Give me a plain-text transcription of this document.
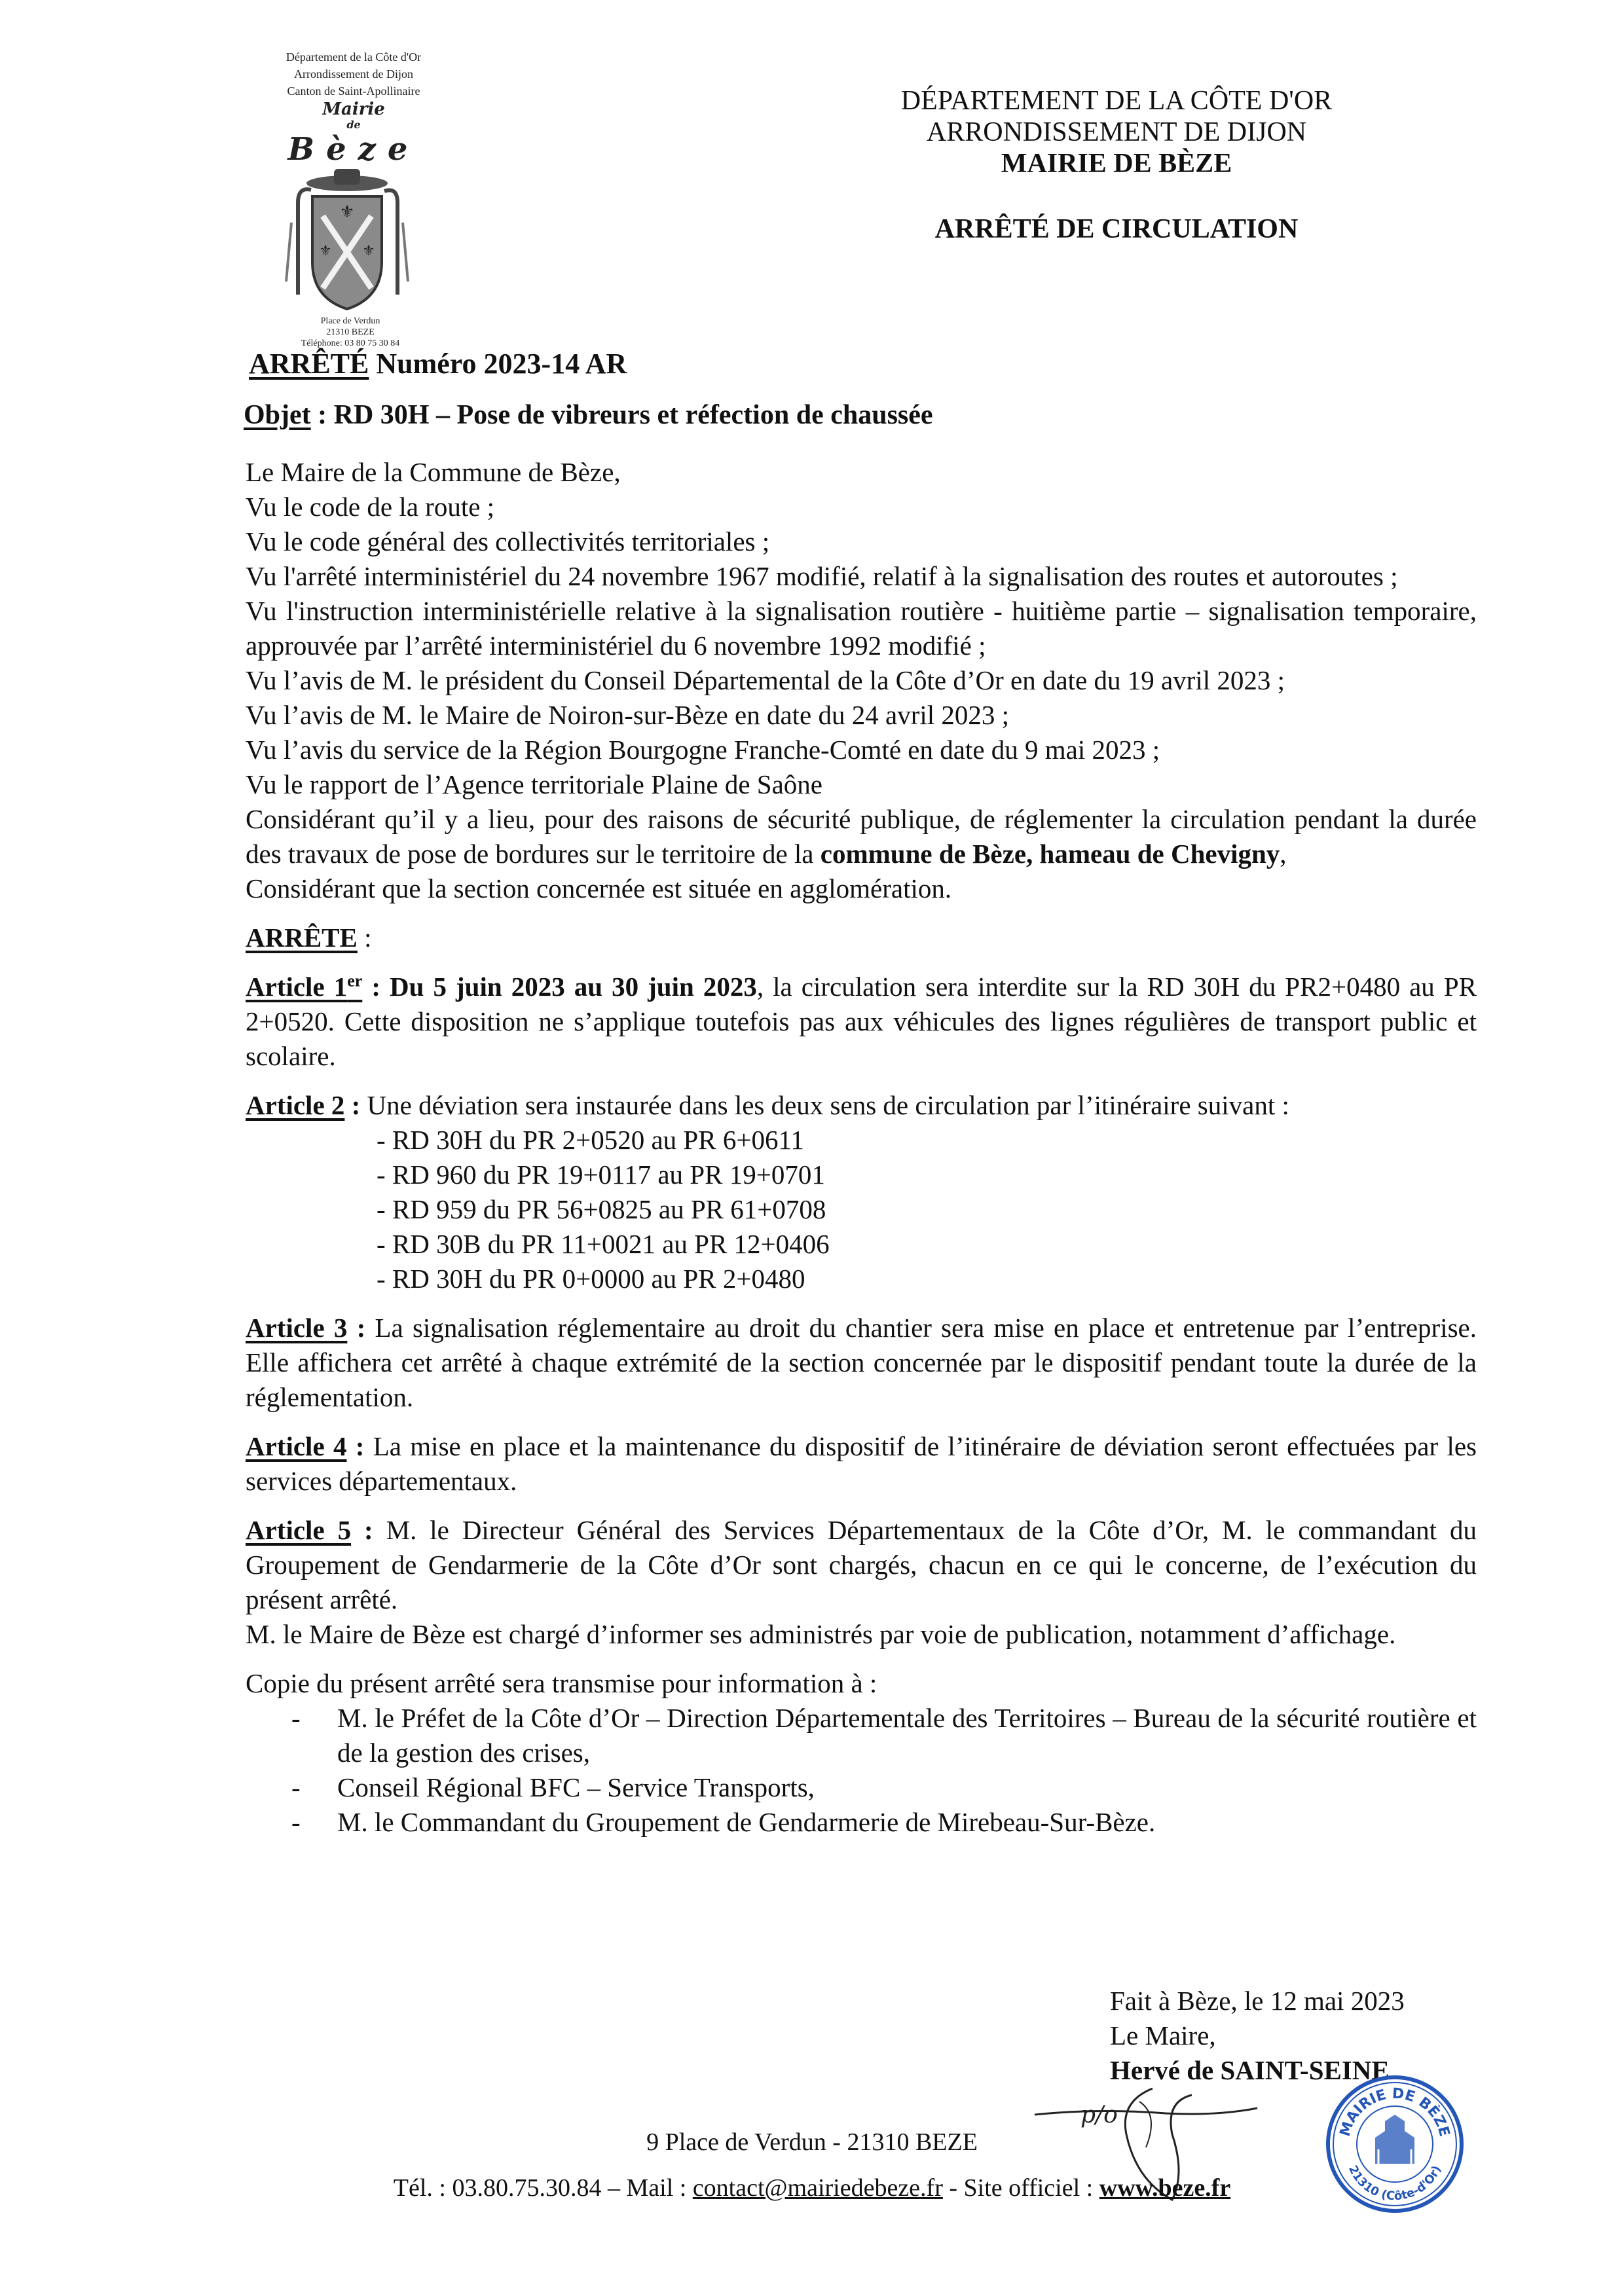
Département de la Côte d'Or
Arrondissement de Dijon
Canton de Saint-Apollinaire
Mairie
de
Bèze
⚜
⚜ ⚜
Place de Verdun
21310 BEZE
Téléphone: 03 80 75 30 84
DÉPARTEMENT DE LA CÔTE D'OR
ARRONDISSEMENT DE DIJON
MAIRIE DE BÈZE
ARRÊTÉ DE CIRCULATION
ARRÊTÉ Numéro 2023-14 AR
Objet : RD 30H – Pose de vibreurs et réfection de chaussée

Le Maire de la Commune de Bèze,

Vu le code de la route ;

Vu le code général des collectivités territoriales ;

Vu l'arrêté interministériel du 24 novembre 1967 modifié, relatif à la signalisation des routes et autoroutes ;

Vu l'instruction interministérielle relative à la signalisation routière - huitième partie – signalisation temporaire, approuvée par l’arrêté interministériel du 6 novembre 1992 modifié ;

Vu l’avis de M. le président du Conseil Départemental de la Côte d’Or en date du 19 avril 2023 ;

Vu l’avis de M. le Maire de Noiron-sur-Bèze en date du 24 avril 2023 ;

Vu l’avis du service de la Région Bourgogne Franche-Comté en date du 9 mai 2023 ;

Vu le rapport de l’Agence territoriale Plaine de Saône

Considérant qu’il y a lieu, pour des raisons de sécurité publique, de réglementer la circulation pendant la durée des travaux de pose de bordures sur le territoire de la commune de Bèze, hameau de Chevigny,

Considérant que la section concernée est située en agglomération.

ARRÊTE :

Article 1er : Du 5 juin 2023 au 30 juin 2023, la circulation sera interdite sur la RD 30H du PR2+0480 au PR 2+0520. Cette disposition ne s’applique toutefois pas aux véhicules des lignes régulières de transport public et scolaire.

Article 2 : Une déviation sera instaurée dans les deux sens de circulation par l’itinéraire suivant :

- RD 30H du PR 2+0520 au PR 6+0611

- RD 960 du PR 19+0117 au PR 19+0701

- RD 959 du PR 56+0825 au PR 61+0708

- RD 30B du PR 11+0021 au PR 12+0406

- RD 30H du PR 0+0000 au PR 2+0480

Article 3 : La signalisation réglementaire au droit du chantier sera mise en place et entretenue par l’entreprise. Elle affichera cet arrêté à chaque extrémité de la section concernée par le dispositif pendant toute la durée de la réglementation.

Article 4 : La mise en place et la maintenance du dispositif de l’itinéraire de déviation seront effectuées par les services départementaux.

Article 5 : M. le Directeur Général des Services Départementaux de la Côte d’Or, M. le commandant du Groupement de Gendarmerie de la Côte d’Or sont chargés, chacun en ce qui le concerne, de l’exécution du présent arrêté.

M. le Maire de Bèze est chargé d’informer ses administrés par voie de publication, notamment d’affichage.

Copie du présent arrêté sera transmise pour information à :

- M. le Préfet de la Côte d’Or – Direction Départementale des Territoires – Bureau de la sécurité routière et de la gestion des crises,

- Conseil Régional BFC – Service Transports,

- M. le Commandant du Groupement de Gendarmerie de Mirebeau-Sur-Bèze.

Fait à Bèze, le 12 mai 2023
Le Maire,
Hervé de SAINT-SEINE
p/o
MAIRIE DE BÈZE
21310 (Côte-d'Or)
9 Place de Verdun - 21310 BEZE
Tél. : 03.80.75.30.84 – Mail : contact@mairiedebeze.fr - Site officiel : www.beze.fr
